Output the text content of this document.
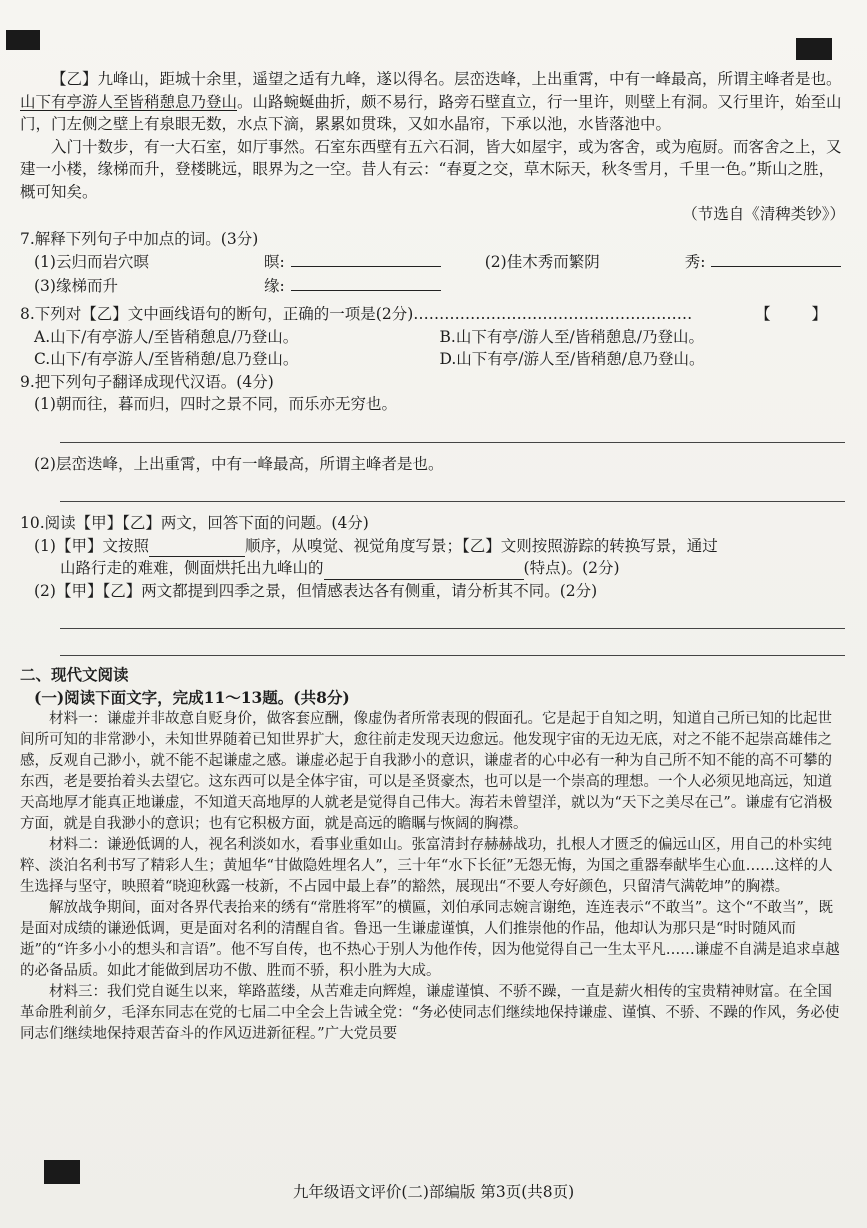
【乙】九峰山，距城十余里，遥望之适有九峰，遂以得名。层峦迭峰，上出重霄，中有一峰最高，所谓主峰者是也。山下有亭游人至皆稍憩息乃登山。山路蜿蜒曲折，颇不易行，路旁石壁直立，行一里许，则壁上有洞。又行里许，始至山门，门左侧之壁上有泉眼无数，水点下滴，累累如贯珠，又如水晶帘，下承以池，水皆落池中。

入门十数步，有一大石室，如厅事然。石室东西壁有五六石洞，皆大如屋宇，或为客舍，或为庖厨。而客舍之上，又建一小楼，缘梯而升，登楼眺远，眼界为之一空。昔人有云：“春夏之交，草木际天，秋冬雪月，千里一色。”斯山之胜，概可知矣。

（节选自《清稗类钞》）

7.解释下列句子中加点的词。(3分)

(1)云归而岩穴暝	暝:	(2)佳木秀而繁阴	秀:
(3)缘梯而升	缘:
8.下列对【乙】文中画线语句的断句，正确的一项是(2分)………………………………………………	【 】
A.山下/有亭游人/至皆稍憩息/乃登山。	B.山下有亭/游人至/皆稍憩息/乃登山。
C.山下/有亭游人/至皆稍憩/息乃登山。	D.山下有亭/游人至/皆稍憩/息乃登山。

9.把下列句子翻译成现代汉语。(4分)

(1)朝而往，暮而归，四时之景不同，而乐亦无穷也。

(2)层峦迭峰，上出重霄，中有一峰最高，所谓主峰者是也。

10.阅读【甲】【乙】两文，回答下面的问题。(4分)

(1)【甲】文按照	顺序，从嗅觉、视觉角度写景；【乙】文则按照游踪的转换写景，通过

山路行走的难难，侧面烘托出九峰山的	(特点)。(2分)

(2)【甲】【乙】两文都提到四季之景，但情感表达各有侧重，请分析其不同。(2分)

二、现代文阅读

(一)阅读下面文字，完成11～13题。(共8分)

材料一：谦虚并非故意自贬身价，做客套应酬，像虚伪者所常表现的假面孔。它是起于自知之明，知道自己所已知的比起世间所可知的非常渺小，未知世界随着已知世界扩大，愈往前走发现天边愈远。他发现宇宙的无边无底，对之不能不起崇高雄伟之感，反观自己渺小，就不能不起谦虚之感。谦虚必起于自我渺小的意识，谦虚者的心中必有一种为自己所不知不能的高不可攀的东西，老是要抬着头去望它。这东西可以是全体宇宙，可以是圣贤豪杰，也可以是一个崇高的理想。一个人必须见地高远，知道天高地厚才能真正地谦虚，不知道天高地厚的人就老是觉得自己伟大。海若未曾望洋，就以为“天下之美尽在己”。谦虚有它消极方面，就是自我渺小的意识；也有它积极方面，就是高远的瞻瞩与恢阔的胸襟。

材料二：谦逊低调的人，视名利淡如水，看事业重如山。张富清封存赫赫战功，扎根人才匮乏的偏远山区，用自己的朴实纯粹、淡泊名利书写了精彩人生；黄旭华“甘做隐姓埋名人”，三十年“水下长征”无怨无悔，为国之重器奉献毕生心血……这样的人生选择与坚守，映照着“晓迎秋露一枝新，不占园中最上春”的豁然，展现出“不要人夸好颜色，只留清气满乾坤”的胸襟。

解放战争期间，面对各界代表抬来的绣有“常胜将军”的横匾，刘伯承同志婉言谢绝，连连表示“不敢当”。这个“不敢当”，既是面对成绩的谦逊低调，更是面对名利的清醒自省。鲁迅一生谦虚谨慎，人们推崇他的作品，他却认为那只是“时时随风而逝”的“许多小小的想头和言语”。他不写自传，也不热心于别人为他作传，因为他觉得自己一生太平凡……谦虚不自满是追求卓越的必备品质。如此才能做到居功不傲、胜而不骄，积小胜为大成。

材料三：我们党自诞生以来，筚路蓝缕，从苦难走向辉煌，谦虚谨慎、不骄不躁，一直是薪火相传的宝贵精神财富。在全国革命胜利前夕，毛泽东同志在党的七届二中全会上告诫全党：“务必使同志们继续地保持谦虚、谨慎、不骄、不躁的作风，务必使同志们继续地保持艰苦奋斗的作风迈进新征程。”广大党员要

九年级语文评价(二)部编版 第3页(共8页)
